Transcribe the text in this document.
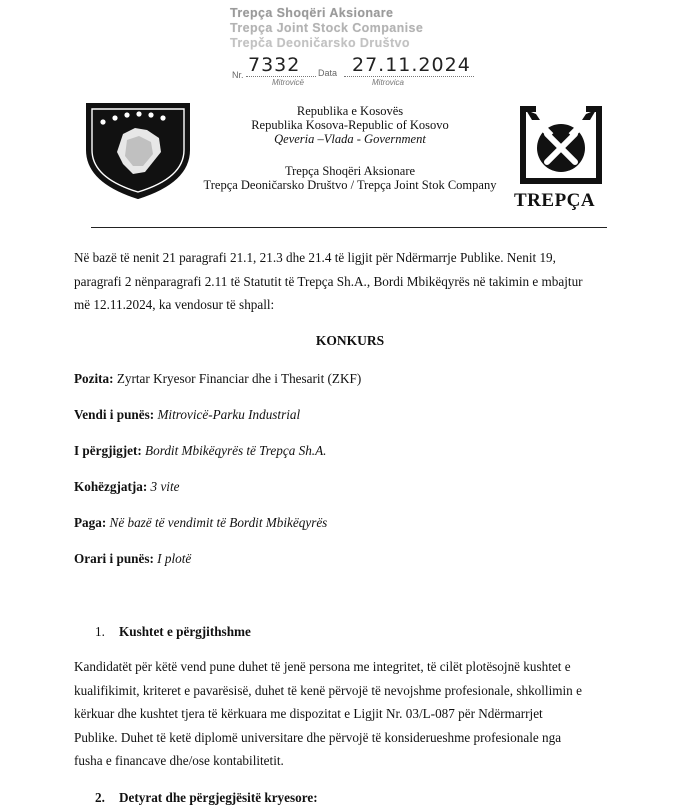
Trepça Shoqëri Aksionare
Trepça Joint Stock Companise
Trepča Deoničarsko Društvo
Nr. 7332 Data 27.11.2024
Mitrovicë	Mitrovica
TREPÇA
Republika e Kosovës
Republika Kosova-Republic of Kosovo
Qeveria –Vlada - Government
Trepça Shoqëri Aksionare
Trepça Deoničarsko Društvo / Trepça Joint Stok Company
Në bazë të nenit 21 paragrafi 21.1, 21.3 dhe 21.4 të ligjit për Ndërmarrje Publike. Nenit 19,
paragrafi 2 nënparagrafi 2.11 të Statutit të Trepça Sh.A., Bordi Mbikëqyrës në takimin e mbajtur
më 12.11.2024, ka vendosur të shpall:
KONKURS
Pozita: Zyrtar Kryesor Financiar dhe i Thesarit (ZKF)
Vendi i punës: Mitrovicë-Parku Industrial
I përgjigjet: Bordit Mbikëqyrës të Trepça Sh.A.
Kohëzgjatja: 3 vite
Paga: Në bazë të vendimit të Bordit Mbikëqyrës
Orari i punës: I plotë
1. Kushtet e përgjithshme
Kandidatët për këtë vend pune duhet të jenë persona me integritet, të cilët plotësojnë kushtet e
kualifikimit, kriteret e pavarësisë, duhet të kenë përvojë të nevojshme profesionale, shkollimin e
kërkuar dhe kushtet tjera të kërkuara me dispozitat e Ligjit Nr. 03/L-087 për Ndërmarrjet
Publike. Duhet të ketë diplomë universitare dhe përvojë të konsiderueshme profesionale nga
fusha e financave dhe/ose kontabilitetit.
2. Detyrat dhe përgjegjësitë kryesore:
